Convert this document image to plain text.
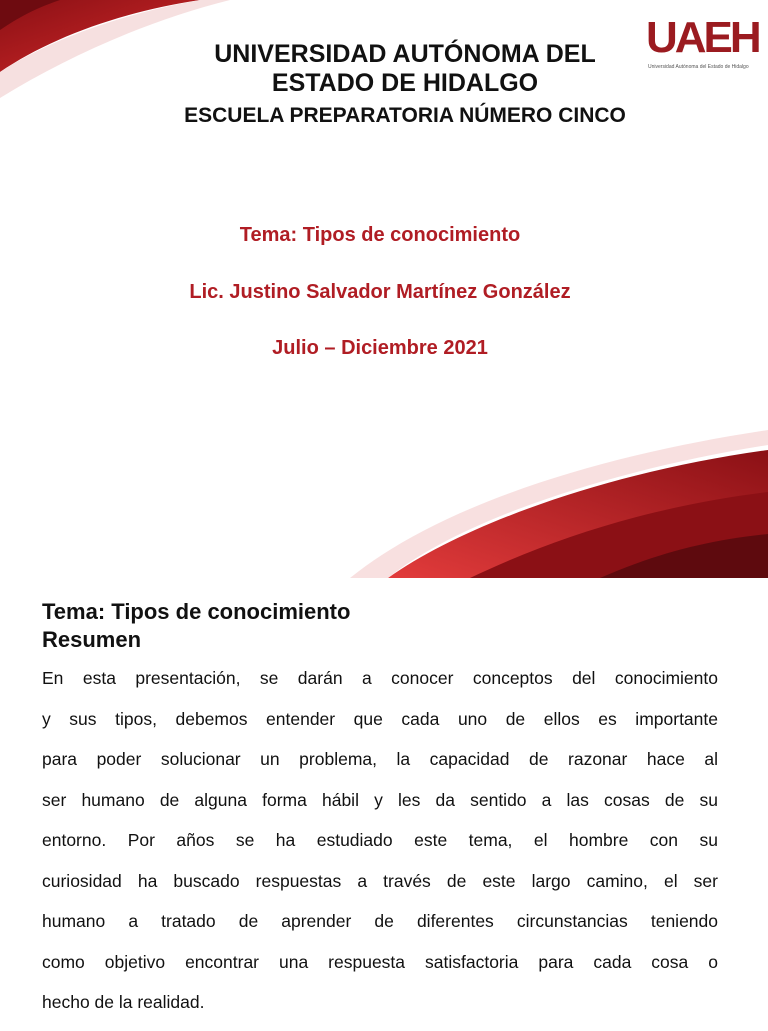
UNIVERSIDAD AUTÓNOMA DEL
ESTADO DE HIDALGO
ESCUELA PREPARATORIA NÚMERO CINCO

Tema: Tipos de conocimiento

Lic. Justino Salvador Martínez González

Julio – Diciembre 2021

UAEH
Universidad Autónoma del Estado de Hidalgo
Tema: Tipos de conocimiento
Resumen
En esta presentación, se darán a conocer conceptos del conocimiento
y sus tipos, debemos entender que cada uno de ellos es importante
para poder solucionar un problema, la capacidad de razonar hace al
ser humano de alguna forma hábil y les da sentido a las cosas de su
entorno. Por años se ha estudiado este tema, el hombre con su
curiosidad ha buscado respuestas a través de este largo camino, el ser
humano a tratado de aprender de diferentes circunstancias teniendo
como objetivo encontrar una respuesta satisfactoria para cada cosa o
hecho de la realidad.
